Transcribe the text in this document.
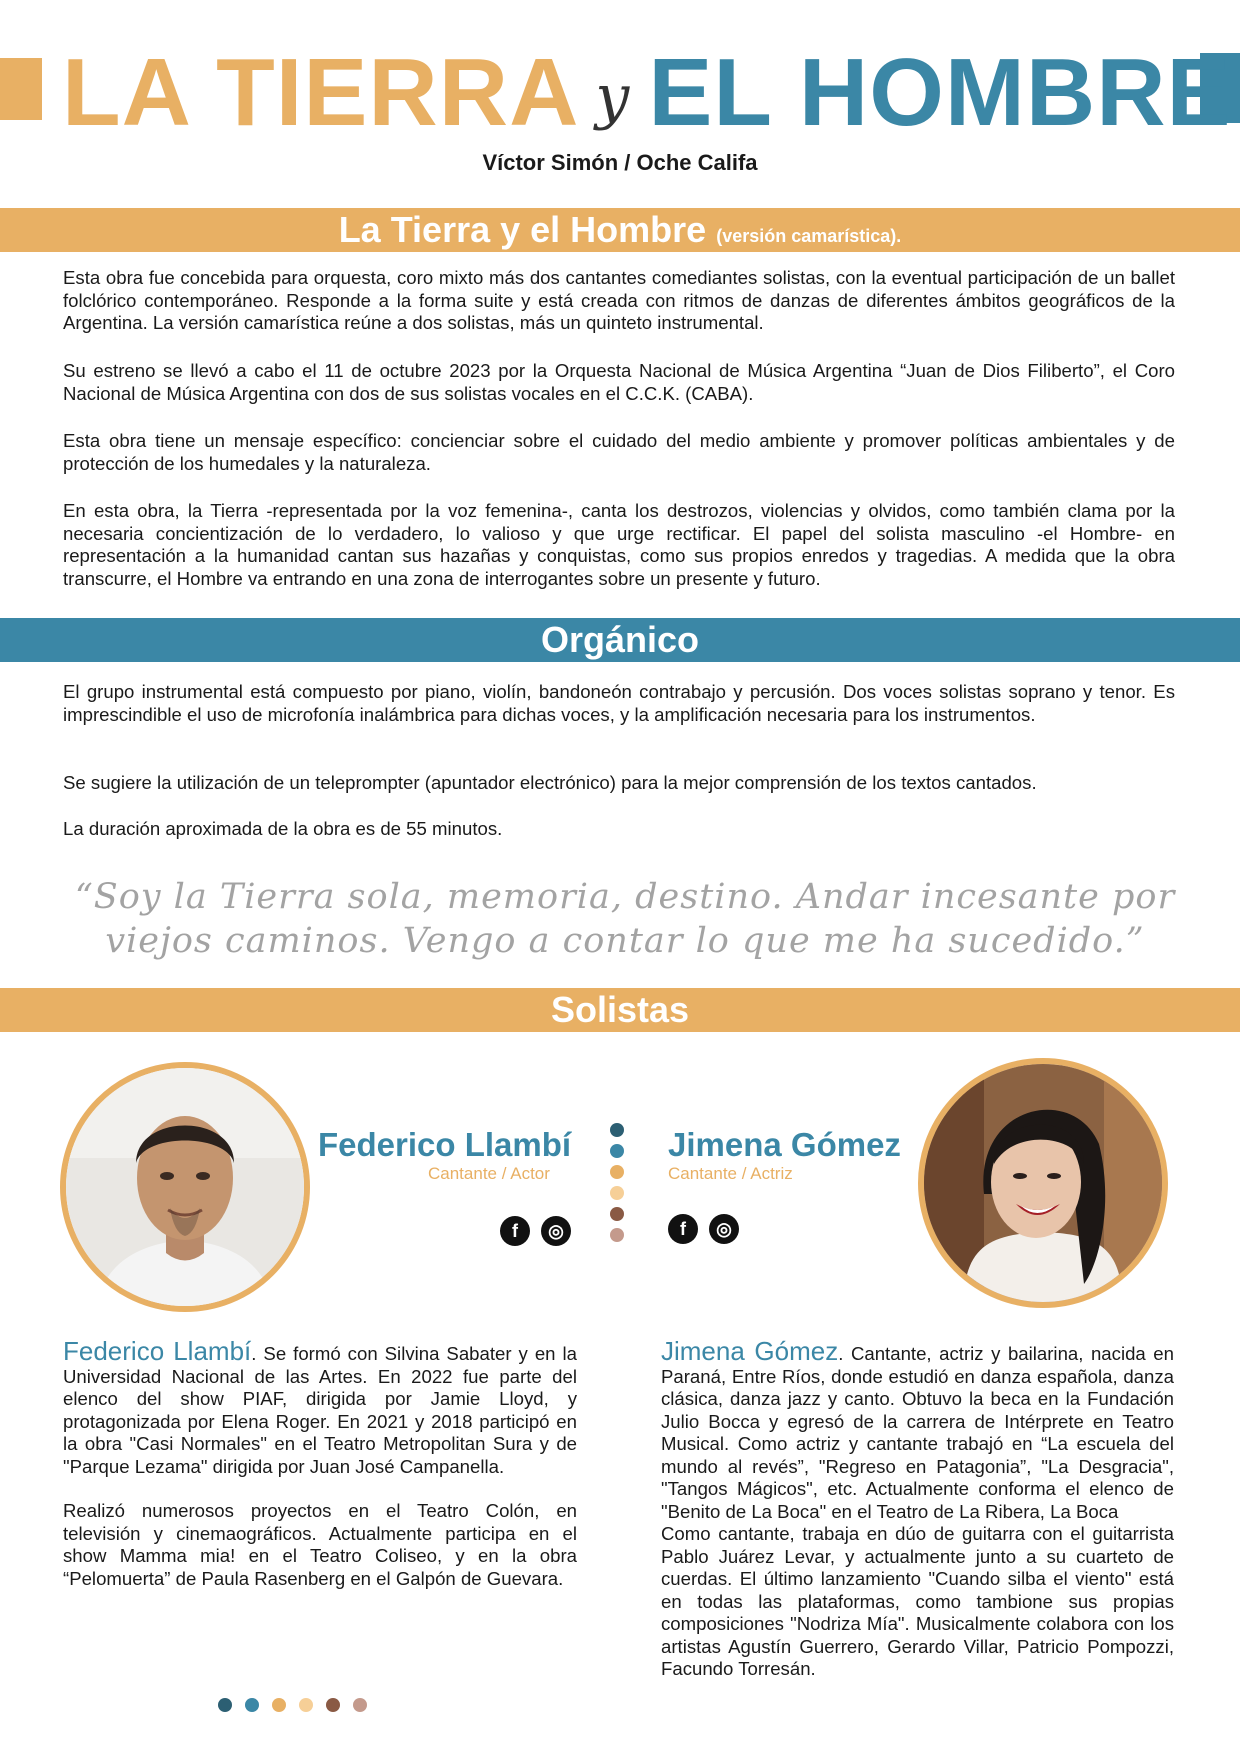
LA TIERRA y EL HOMBRE
Víctor Simón / Oche Califa
La Tierra y el Hombre (versión camarística).
Esta obra fue concebida para orquesta, coro mixto más dos cantantes comediantes solistas, con la eventual participación de un ballet folclórico contemporáneo. Responde a la forma suite y está creada con ritmos de danzas de diferentes ámbitos geográficos de la Argentina. La versión camarística reúne a dos solistas, más un quinteto instrumental.
Su estreno se llevó a cabo el 11 de octubre 2023 por la Orquesta Nacional de Música Argentina “Juan de Dios Filiberto”, el Coro Nacional de Música Argentina con dos de sus solistas vocales en el C.C.K. (CABA).
Esta obra tiene un mensaje específico: concienciar sobre el cuidado del medio ambiente y promover políticas ambientales y de protección de los humedales y la naturaleza.
En esta obra, la Tierra -representada por la voz femenina-, canta los destrozos, violencias y olvidos, como también clama por la necesaria concientización de lo verdadero, lo valioso y que urge rectificar. El papel del solista masculino -el Hombre- en representación a la humanidad cantan sus hazañas y conquistas, como sus propios enredos y tragedias. A medida que la obra transcurre, el Hombre va entrando en una zona de interrogantes sobre un presente y futuro.
Orgánico
El grupo instrumental está compuesto por piano, violín, bandoneón contrabajo y percusión. Dos voces solistas soprano y tenor. Es imprescindible el uso de microfonía inalámbrica para dichas voces, y la amplificación necesaria para los instrumentos.
Se sugiere la utilización de un teleprompter (apuntador electrónico) para la mejor comprensión de los textos cantados.
La duración aproximada de la obra es de 55 minutos.
“Soy la Tierra sola, memoria, destino. Andar incesante por
viejos caminos. Vengo a contar lo que me ha sucedido.”
Solistas
Federico Llambí
Cantante / Actor
f	◎
Jimena Gómez
Cantante / Actriz
f	◎
Federico Llambí. Se formó con Silvina Sabater y en la Universidad Nacional de las Artes. En 2022 fue parte del elenco del show PIAF, dirigida por Jamie Lloyd, y protagonizada por Elena Roger. En 2021 y 2018 participó en la obra "Casi Normales" en el Teatro Metropolitan Sura y de "Parque Lezama" dirigida por Juan José Campanella.
Realizó numerosos proyectos en el Teatro Colón, en televisión y cinemaográficos. Actualmente participa en el show Mamma mia! en el Teatro Coliseo, y en la obra “Pelomuerta” de Paula Rasenberg en el Galpón de Guevara.
Jimena Gómez. Cantante, actriz y bailarina, nacida en Paraná, Entre Ríos, donde estudió en danza española, danza clásica, danza jazz y canto. Obtuvo la beca en la Fundación Julio Bocca y egresó de la carrera de Intérprete en Teatro Musical. Como actriz y cantante trabajó en “La escuela del mundo al revés”, "Regreso en Patagonia”, "La Desgracia", "Tangos Mágicos", etc. Actualmente conforma el elenco de "Benito de La Boca" en el Teatro de La Ribera, La Boca
Como cantante, trabaja en dúo de guitarra con el guitarrista Pablo Juárez Levar, y actualmente junto a su cuarteto de cuerdas. El último lanzamiento "Cuando silba el viento" está en todas las plataformas, como tambione sus propias composiciones "Nodriza Mía". Musicalmente colabora con los artistas Agustín Guerrero, Gerardo Villar, Patricio Pompozzi, Facundo Torresán.
